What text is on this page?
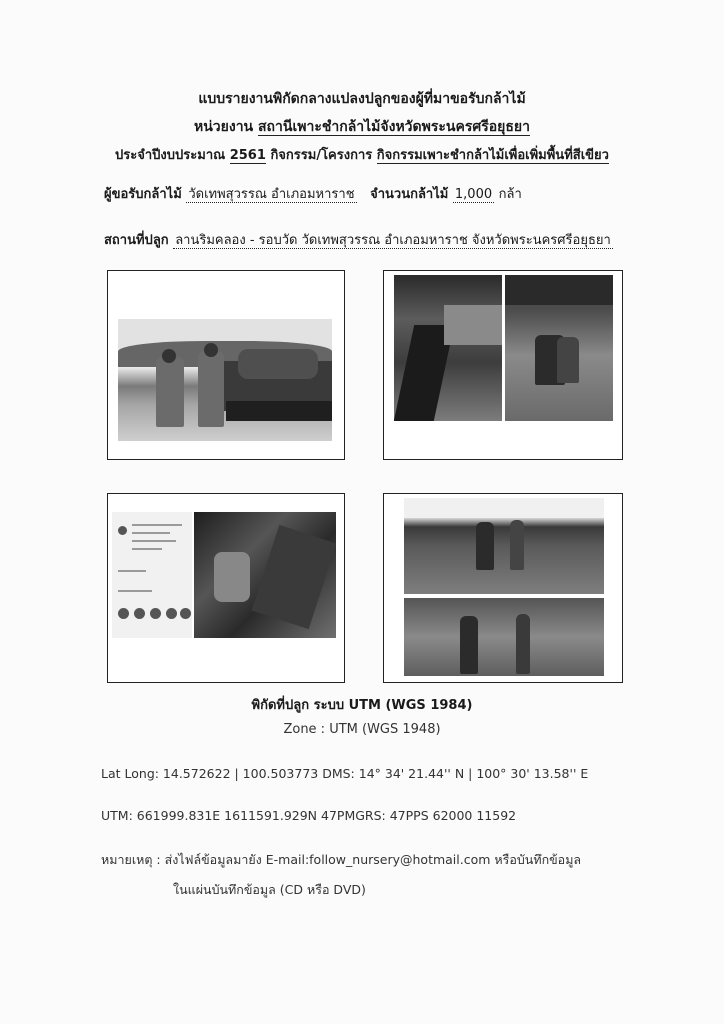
แบบรายงานพิกัดกลางแปลงปลูกของผู้ที่มาขอรับกล้าไม้
หน่วยงาน สถานีเพาะชำกล้าไม้จังหวัดพระนครศรีอยุธยา
ประจำปีงบประมาณ 2561 กิจกรรม/โครงการ กิจกรรมเพาะชำกล้าไม้เพื่อเพิ่มพื้นที่สีเขียว
ผู้ขอรับกล้าไม้ วัดเทพสุวรรณ อำเภอมหาราช จำนวนกล้าไม้ 1,000 กล้า
สถานที่ปลูก ลานริมคลอง - รอบวัด วัดเทพสุวรรณ อำเภอมหาราช จังหวัดพระนครศรีอยุธยา
พิกัดที่ปลูก ระบบ UTM (WGS 1984)
Zone : UTM (WGS 1948)
Lat Long: 14.572622 | 100.503773 DMS: 14° 34' 21.44'' N | 100° 30' 13.58'' E
UTM: 661999.831E 1611591.929N 47PMGRS: 47PPS 62000 11592
หมายเหตุ : ส่งไฟล์ข้อมูลมายัง E-mail:follow_nursery@hotmail.com หรือบันทึกข้อมูล
ในแผ่นบันทึกข้อมูล (CD หรือ DVD)
